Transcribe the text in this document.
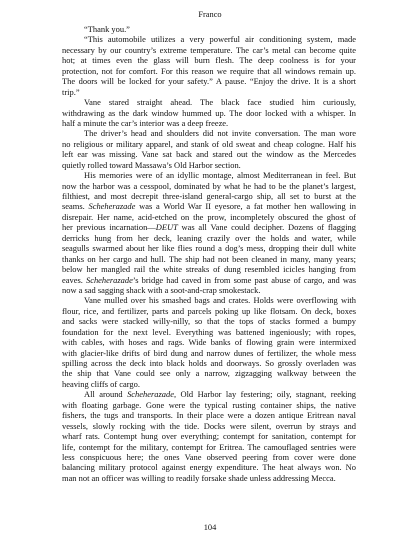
Franco
“Thank you.”
“This automobile utilizes a very powerful air conditioning system, made
necessary by our country’s extreme temperature. The car’s metal can become quite
hot; at times even the glass will burn flesh. The deep coolness is for your
protection, not for comfort. For this reason we require that all windows remain up.
The doors will be locked for your safety.” A pause. “Enjoy the drive. It is a short
trip.”
Vane stared straight ahead. The black face studied him curiously,
withdrawing as the dark window hummed up. The door locked with a whisper. In
half a minute the car’s interior was a deep freeze.
The driver’s head and shoulders did not invite conversation. The man wore
no religious or military apparel, and stank of old sweat and cheap cologne. Half his
left ear was missing. Vane sat back and stared out the window as the Mercedes
quietly rolled toward Massawa’s Old Harbor section.
His memories were of an idyllic montage, almost Mediterranean in feel. But
now the harbor was a cesspool, dominated by what he had to be the planet’s largest,
filthiest, and most decrepit three-island general-cargo ship, all set to burst at the
seams. Scheherazade was a World War II eyesore, a fat mother hen wallowing in
disrepair. Her name, acid-etched on the prow, incompletely obscured the ghost of
her previous incarnation—DEUT was all Vane could decipher. Dozens of flagging
derricks hung from her deck, leaning crazily over the holds and water, while
seagulls swarmed about her like flies round a dog’s mess, dropping their dull white
thanks on her cargo and hull. The ship had not been cleaned in many, many years;
below her mangled rail the white streaks of dung resembled icicles hanging from
eaves. Scheherazade’s bridge had caved in from some past abuse of cargo, and was
now a sad sagging shack with a soot-and-crap smokestack.
Vane mulled over his smashed bags and crates. Holds were overflowing with
flour, rice, and fertilizer, parts and parcels poking up like flotsam. On deck, boxes
and sacks were stacked willy-nilly, so that the tops of stacks formed a bumpy
foundation for the next level. Everything was battened ingeniously; with ropes,
with cables, with hoses and rags. Wide banks of flowing grain were intermixed
with glacier-like drifts of bird dung and narrow dunes of fertilizer, the whole mess
spilling across the deck into black holds and doorways. So grossly overladen was
the ship that Vane could see only a narrow, zigzagging walkway between the
heaving cliffs of cargo.
All around Scheherazade, Old Harbor lay festering; oily, stagnant, reeking
with floating garbage. Gone were the typical rusting container ships, the native
fishers, the tugs and transports. In their place were a dozen antique Eritrean naval
vessels, slowly rocking with the tide. Docks were silent, overrun by strays and
wharf rats. Contempt hung over everything; contempt for sanitation, contempt for
life, contempt for the military, contempt for Eritrea. The camouflaged sentries were
less conspicuous here; the ones Vane observed peering from cover were done
balancing military protocol against energy expenditure. The heat always won. No
man not an officer was willing to readily forsake shade unless addressing Mecca.
104
